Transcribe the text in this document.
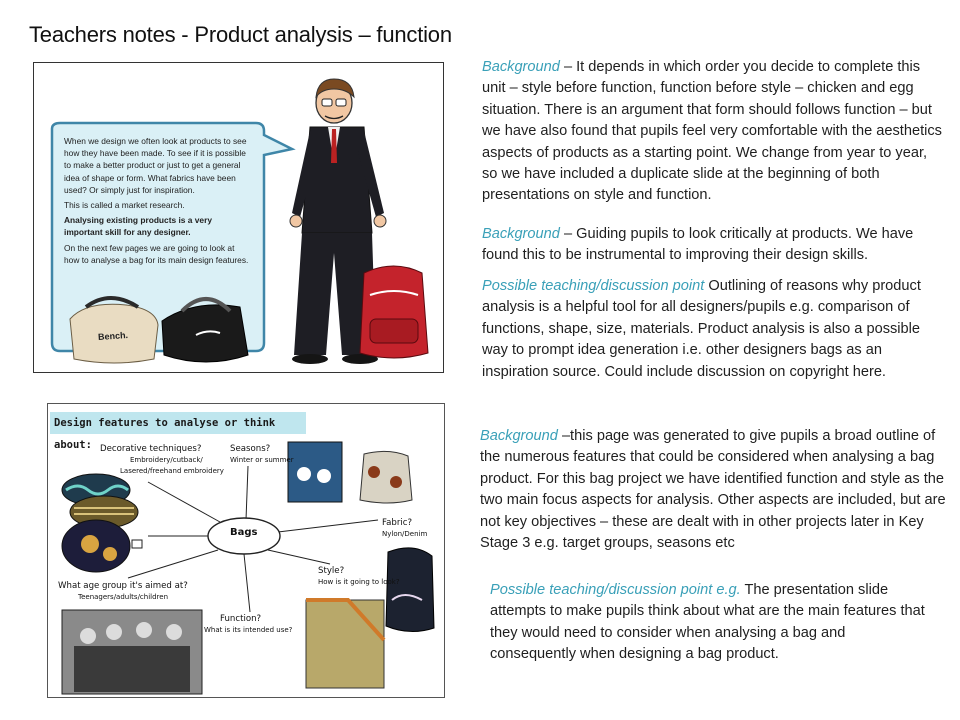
Teachers notes - Product analysis – function

When we design we often look at products to see how they have been made. To see if it is possible to make a better product or just to get a general idea of shape or form. What fabrics have been used? Or simply just for inspiration.

This is called a market research.

Analysing existing products is a very important skill for any designer.

On the next few pages we are going to look at how to analyse a bag for its main design features.

Bench.
Design features to analyse or think about:
Bags
Decorative techniques?
Embroidery/cutback/
Lasered/freehand embroidery
Seasons?
Winter or summer
Fabric?
Nylon/Denim
Style?
How is it going to look?
What age group it's aimed at?
Teenagers/adults/children
Function?
What is its intended use?
Background – It depends in which order you decide to complete this unit – style before function, function before style – chicken and egg situation. There is an argument that form should follows function – but we have also found that pupils feel very comfortable with the aesthetics aspects of products as a starting point. We change from year to year, so we have included a duplicate slide at the beginning of both presentations on style and function.
Background – Guiding pupils to look critically at products. We have found this to be instrumental to improving their design skills.
Possible teaching/discussion point Outlining of reasons why product analysis is a helpful tool for all designers/pupils e.g. comparison of functions, shape, size, materials. Product analysis is also a possible way to prompt idea generation i.e. other designers bags as an inspiration source. Could include discussion on copyright here.
Background –this page was generated to give pupils a broad outline of the numerous features that could be considered when analysing a bag product. For this bag project we have identified function and style as the two main focus aspects for analysis. Other aspects are included, but are not key objectives – these are dealt with in other projects later in Key Stage 3 e.g. target groups, seasons etc
Possible teaching/discussion point e.g. The presentation slide attempts to make pupils think about what are the main features that they would need to consider when analysing a bag and consequently when designing a bag product.
